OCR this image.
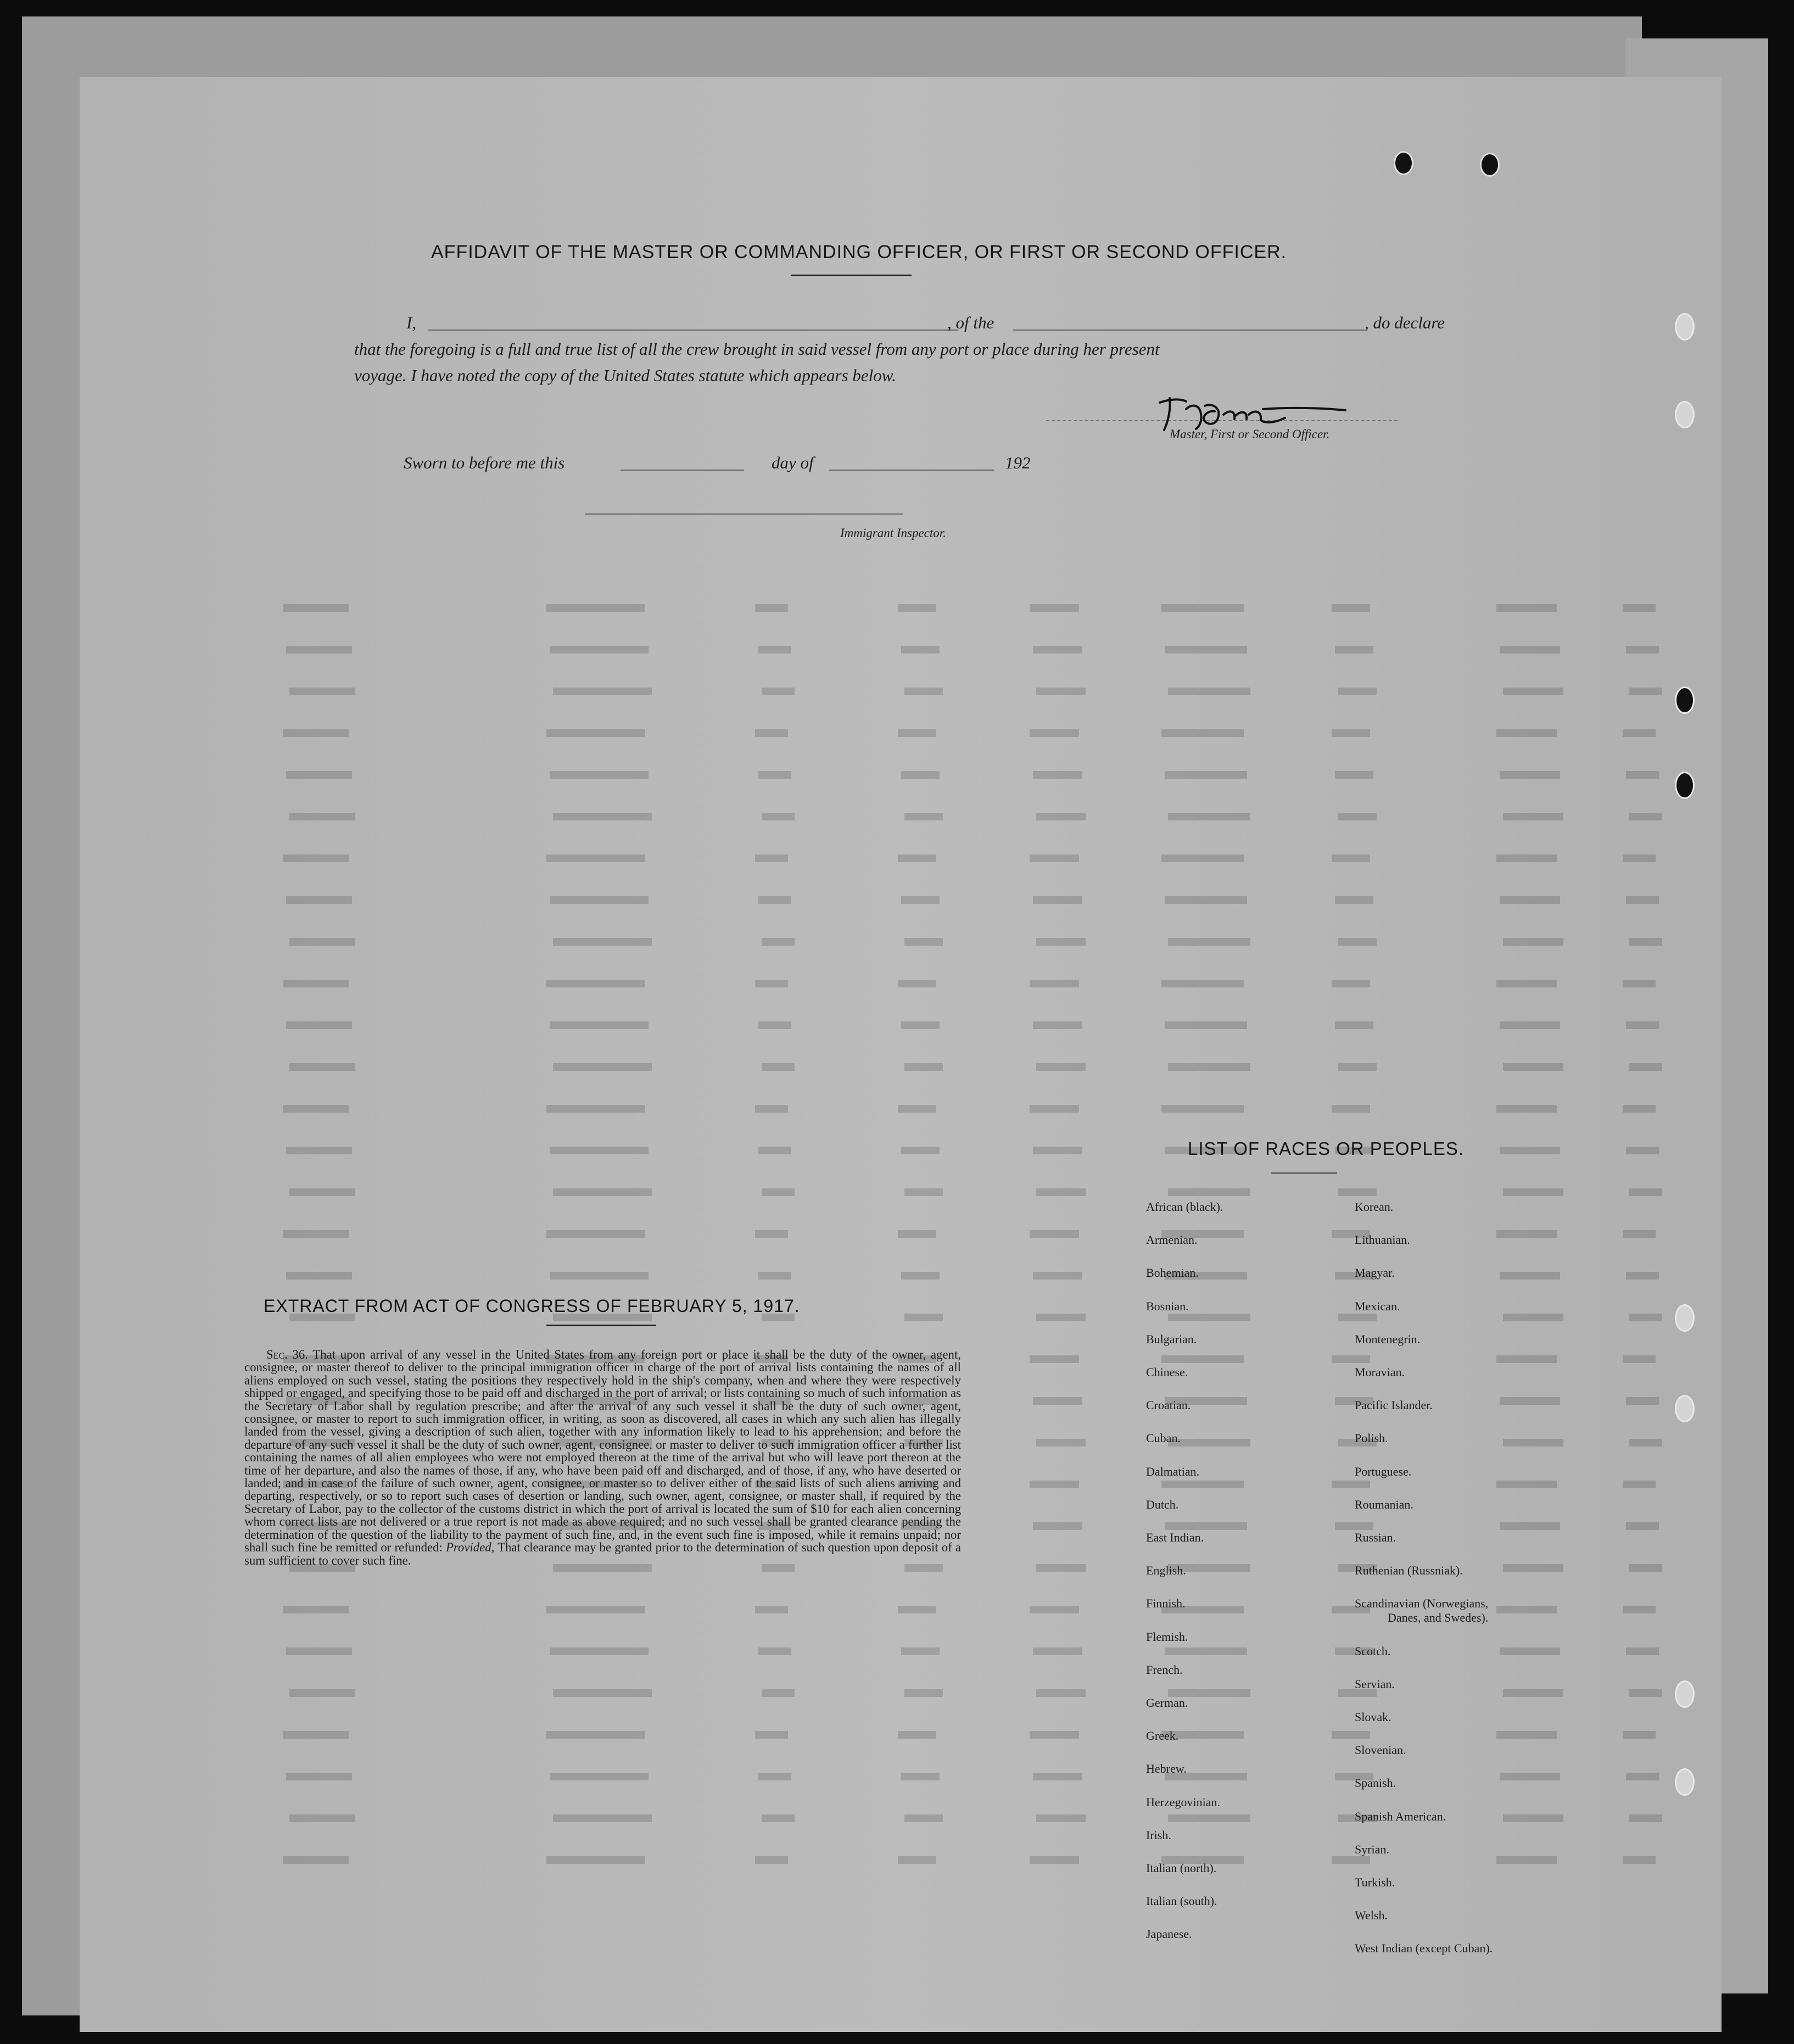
AFFIDAVIT OF THE MASTER OR COMMANDING OFFICER, OR FIRST OR SECOND OFFICER.
I,	, of the	, do declare
that the foregoing is a full and true list of all the crew brought in said vessel from any port or place during her present
voyage. I have noted the copy of the United States statute which appears below.
Master, First or Second Officer.
Sworn to before me this	day of	192
Immigrant Inspector.
EXTRACT FROM ACT OF CONGRESS OF FEBRUARY 5, 1917.
Sec. 36. That upon arrival of any vessel in the United States from any foreign port or place it shall be the duty of the owner, agent, consignee, or master thereof to deliver to the principal immigration officer in charge of the port of arrival lists containing the names of all aliens employed on such vessel, stating the positions they respectively hold in the ship's company, when and where they were respectively shipped or engaged, and specifying those to be paid off and discharged in the port of arrival; or lists containing so much of such information as the Secretary of Labor shall by regulation prescribe; and after the arrival of any such vessel it shall be the duty of such owner, agent, consignee, or master to report to such immigration officer, in writing, as soon as discovered, all cases in which any such alien has illegally landed from the vessel, giving a description of such alien, together with any information likely to lead to his apprehension; and before the departure of any such vessel it shall be the duty of such owner, agent, consignee, or master to deliver to such immigration officer a further list containing the names of all alien employees who were not employed thereon at the time of the arrival but who will leave port thereon at the time of her departure, and also the names of those, if any, who have been paid off and discharged, and of those, if any, who have deserted or landed; and in case of the failure of such owner, agent, consignee, or master so to deliver either of the said lists of such aliens arriving and departing, respectively, or so to report such cases of desertion or landing, such owner, agent, consignee, or master shall, if required by the Secretary of Labor, pay to the collector of the customs district in which the port of arrival is located the sum of $10 for each alien concerning whom correct lists are not delivered or a true report is not made as above required; and no such vessel shall be granted clearance pending the determination of the question of the liability to the payment of such fine, and, in the event such fine is imposed, while it remains unpaid; nor shall such fine be remitted or refunded: Provided, That clearance may be granted prior to the determination of such question upon deposit of a sum sufficient to cover such fine.
LIST OF RACES OR PEOPLES.
African (black).
Armenian.
Bohemian.
Bosnian.
Bulgarian.
Chinese.
Croatian.
Cuban.
Dalmatian.
Dutch.
East Indian.
English.
Finnish.
Flemish.
French.
German.
Greek.
Hebrew.
Herzegovinian.
Irish.
Italian (north).
Italian (south).
Japanese.
Korean.
Lithuanian.
Magyar.
Mexican.
Montenegrin.
Moravian.
Pacific Islander.
Polish.
Portuguese.
Roumanian.
Russian.
Ruthenian (Russniak).
Scandinavian (Norwegians,
Danes, and Swedes).
Scotch.
Servian.
Slovak.
Slovenian.
Spanish.
Spanish American.
Syrian.
Turkish.
Welsh.
West Indian (except Cuban).
